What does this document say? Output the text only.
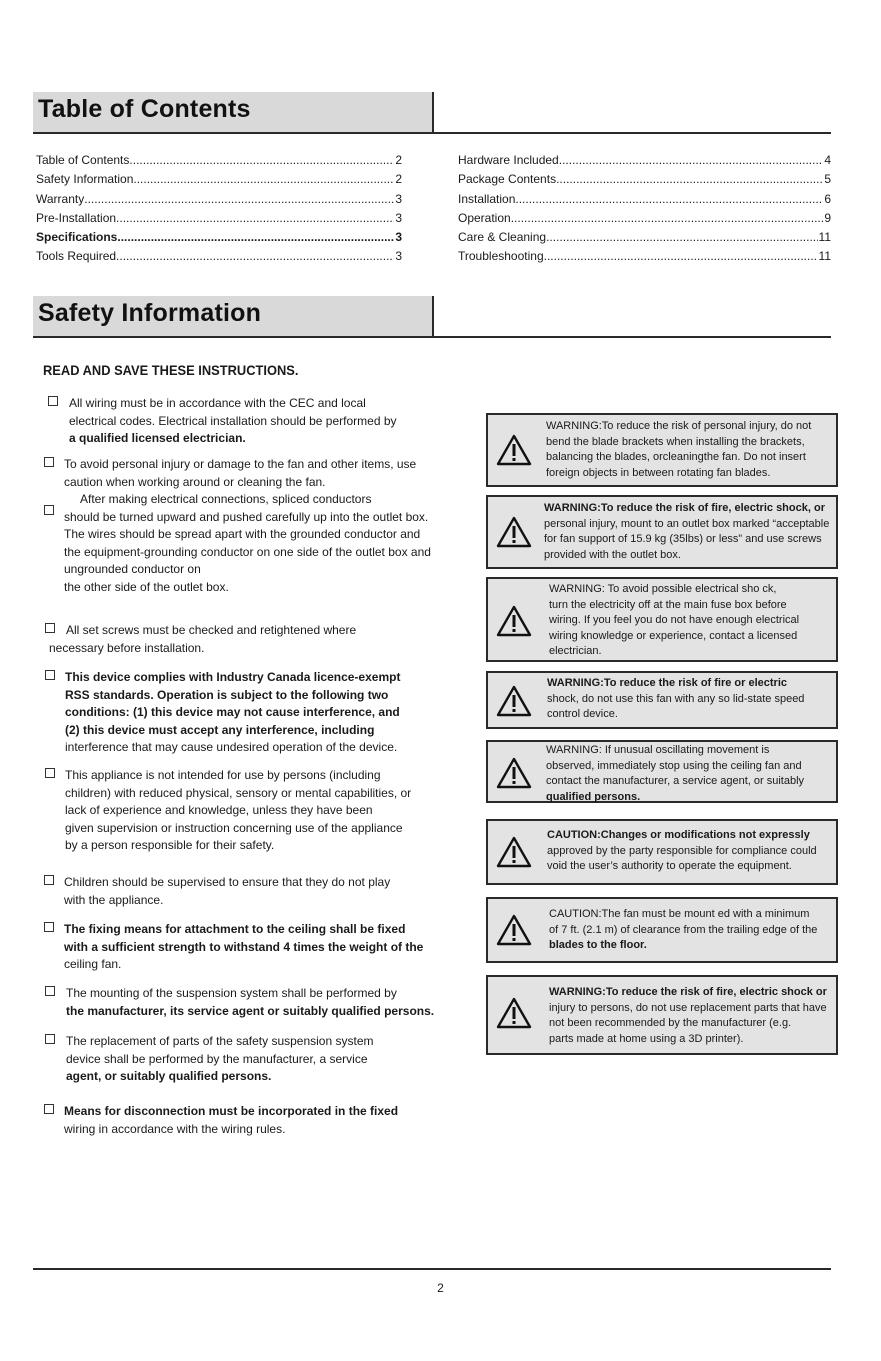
Table of Contents
Table of Contents .....	2
Safety Information .....	2
Warranty .....	3
Pre-Installation .....	3
Specifications .....	3
Tools Required .....	3
Hardware Included .....	4
Package Contents .....	5
Installation .....	6
Operation .....	9
Care & Cleaning .....	11
Troubleshooting .....	11
Safety Information
READ AND SAVE THESE INSTRUCTIONS.
All wiring must be in accordance with the CEC and local
electrical codes. Electrical installation should be performed by
a qualified licensed electrician.
To avoid personal injury or damage to the fan and other items, use
caution when working around or cleaning the fan.
After making electrical connections, spliced conductors
should be turned upward and pushed carefully up into the outlet box.
The wires should be spread apart with the grounded conductor and
the equipment-grounding conductor on one side of the outlet box and
ungrounded conductor on
the other side of the outlet box.
All set screws must be checked and retightened where
necessary before installation.
This device complies with Industry Canada licence-exempt
RSS standards. Operation is subject to the following two
conditions: (1) this device may not cause interference, and
(2) this device must accept any interference, including
interference that may cause undesired operation of the device.
This appliance is not intended for use by persons (including
children) with reduced physical, sensory or mental capabilities, or
lack of experience and knowledge, unless they have been
given supervision or instruction concerning use of the appliance
by a person responsible for their safety.
Children should be supervised to ensure that they do not play
with the appliance.
The fixing means for attachment to the ceiling shall be fixed
with a sufficient strength to withstand 4 times the weight of the
ceiling fan.
The mounting of the suspension system shall be performed by
the manufacturer, its service agent or suitably qualified persons.
The replacement of parts of the safety suspension system
device shall be performed by the manufacturer, a service
agent, or suitably qualified persons.
Means for disconnection must be incorporated in the fixed
wiring in accordance with the wiring rules.
WARNING:To reduce the risk of personal injury, do not
bend the blade brackets when installing the brackets,
balancing the blades, orcleaningthe fan. Do not insert
foreign objects in between rotating fan blades.
WARNING:To reduce the risk of fire, electric shock, or
personal injury, mount to an outlet box marked “acceptable
for fan support of 15.9 kg (35lbs) or less” and use screws
provided with the outlet box.
WARNING: To avoid possible electrical sho ck,
turn the electricity off at the main fuse box before
wiring. If you feel you do not have enough electrical
wiring knowledge or experience, contact a licensed
electrician.
WARNING:To reduce the risk of fire or electric
shock, do not use this fan with any so lid-state speed
control device.
WARNING: If unusual oscillating movement is
observed, immediately stop using the ceiling fan and
contact the manufacturer, a service agent, or suitably
qualified persons.
CAUTION:Changes or modifications not expressly
approved by the party responsible for compliance could
void the user’s authority to operate the equipment.
CAUTION:The fan must be mount ed with a minimum
of 7 ft. (2.1 m) of clearance from the trailing edge of the
blades to the floor.
WARNING:To reduce the risk of fire, electric shock or
injury to persons, do not use replacement parts that have
not been recommended by the manufacturer (e.g.
parts made at home using a 3D printer).
2
